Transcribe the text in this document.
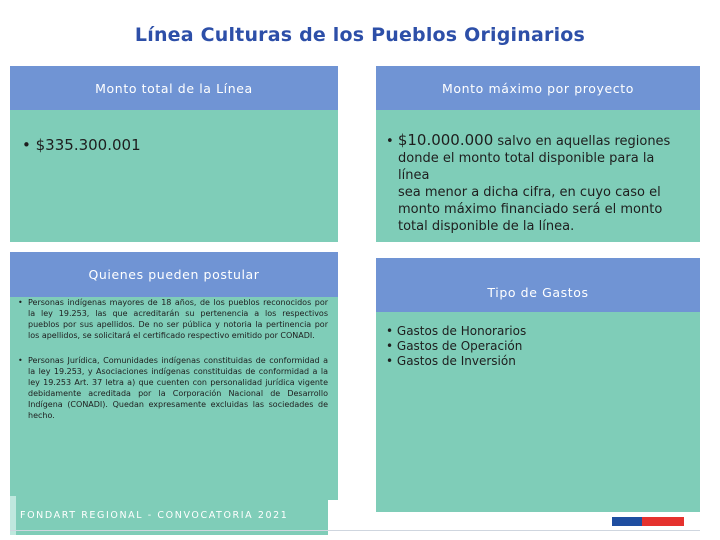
Línea Culturas de los Pueblos Originarios
Monto total de la Línea
• $335.300.001
Monto máximo por proyecto
• $10.000.000 salvo en aquellas regiones
donde el monto total disponible para la línea
sea menor a dicha cifra, en cuyo caso el
monto máximo financiado será el monto
total disponible de la línea.
Quienes pueden postular
• Personas indígenas mayores de 18 años, de los pueblos reconocidos por la ley 19.253, las que acreditarán su pertenencia a los respectivos pueblos por sus apellidos. De no ser pública y notoria la pertinencia por los apellidos, se solicitará el certificado respectivo emitido por CONADI.
• Personas Jurídica, Comunidades indígenas constituidas de conformidad a la ley 19.253, y Asociaciones indígenas constituidas de conformidad a la ley 19.253 Art. 37 letra a) que cuenten con personalidad jurídica vigente debidamente acreditada por la Corporación Nacional de Desarrollo Indígena (CONADI). Quedan expresamente excluidas las sociedades de hecho.
Tipo de Gastos
• Gastos de Honorarios
• Gastos de Operación
• Gastos de Inversión
FONDART REGIONAL - CONVOCATORIA 2021
